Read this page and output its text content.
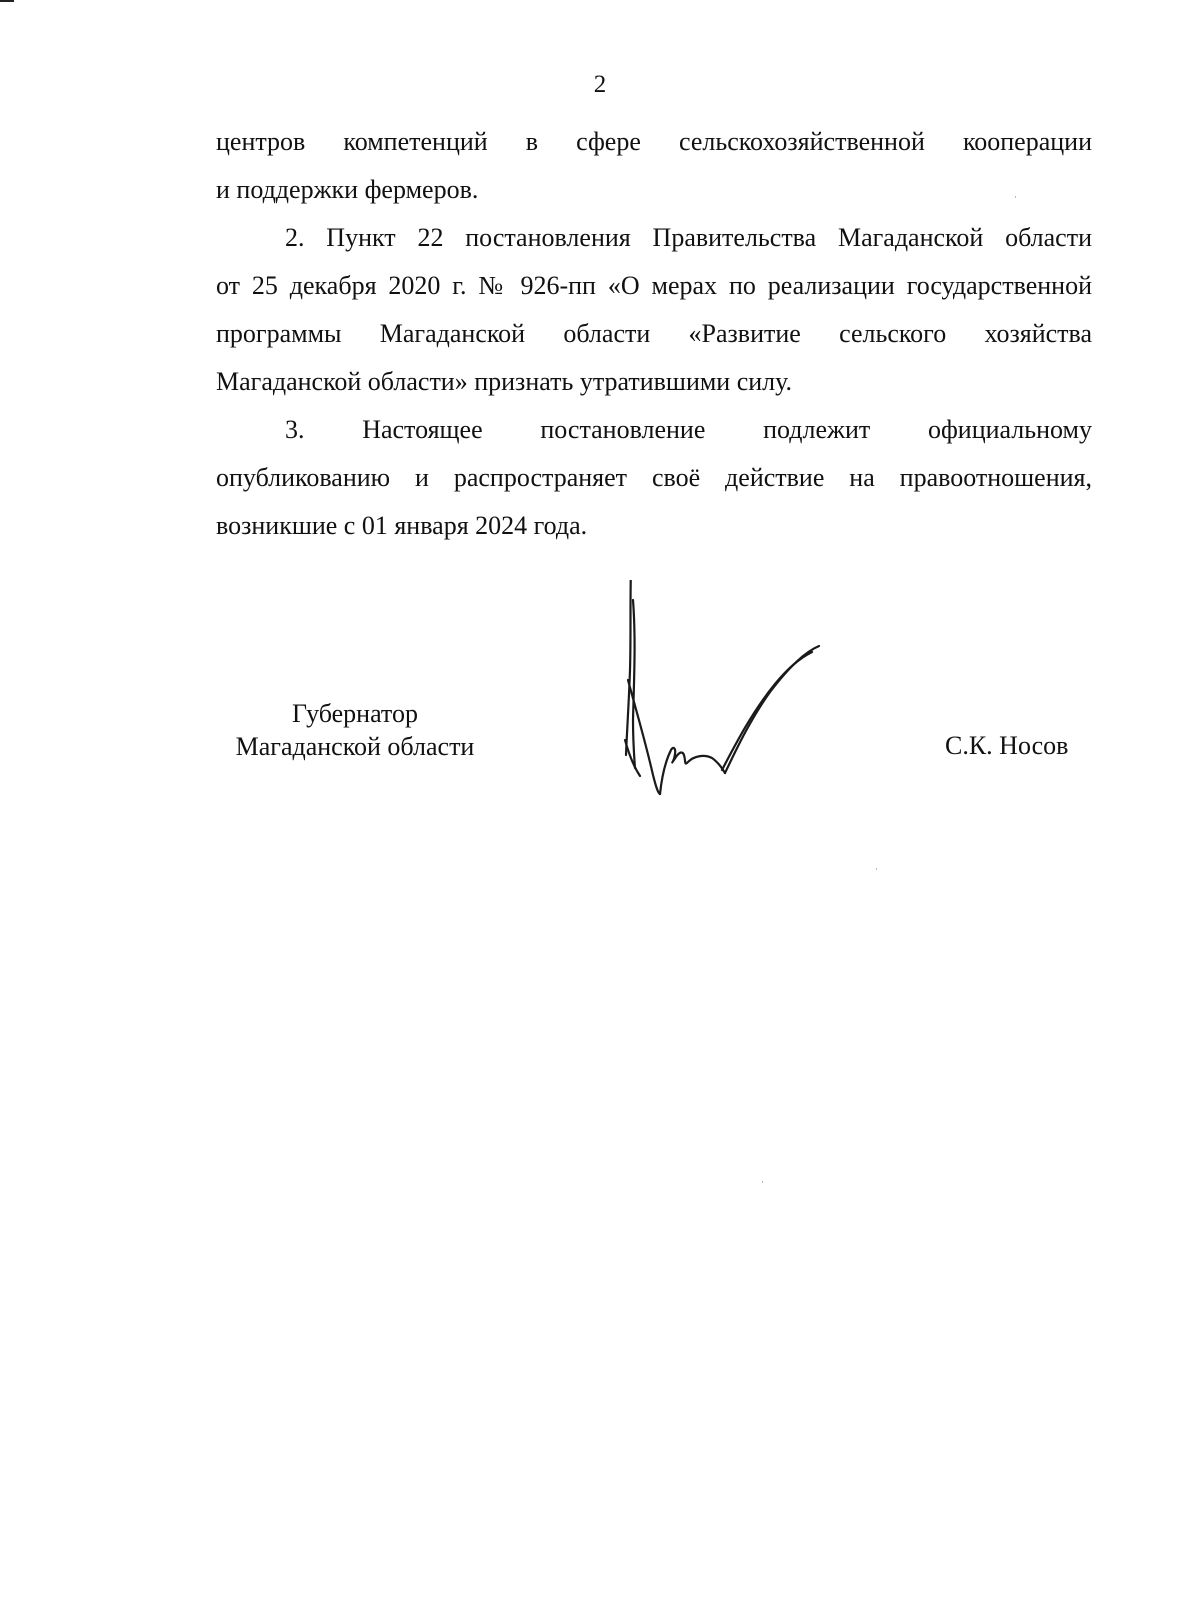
2

центров компетенций в сфере сельскохозяйственной кооперации
и поддержки фермеров.

2. Пункт 22 постановления Правительства Магаданской области
от 25 декабря 2020 г. № 926-пп «О мерах по реализации государственной
программы Магаданской области «Развитие сельского хозяйства
Магаданской области» признать утратившими силу.

3. Настоящее постановление подлежит официальному
опубликованию и распространяет своё действие на правоотношения,
возникшие с 01 января 2024 года.

Губернатор
Магаданской области	С.К. Носов
